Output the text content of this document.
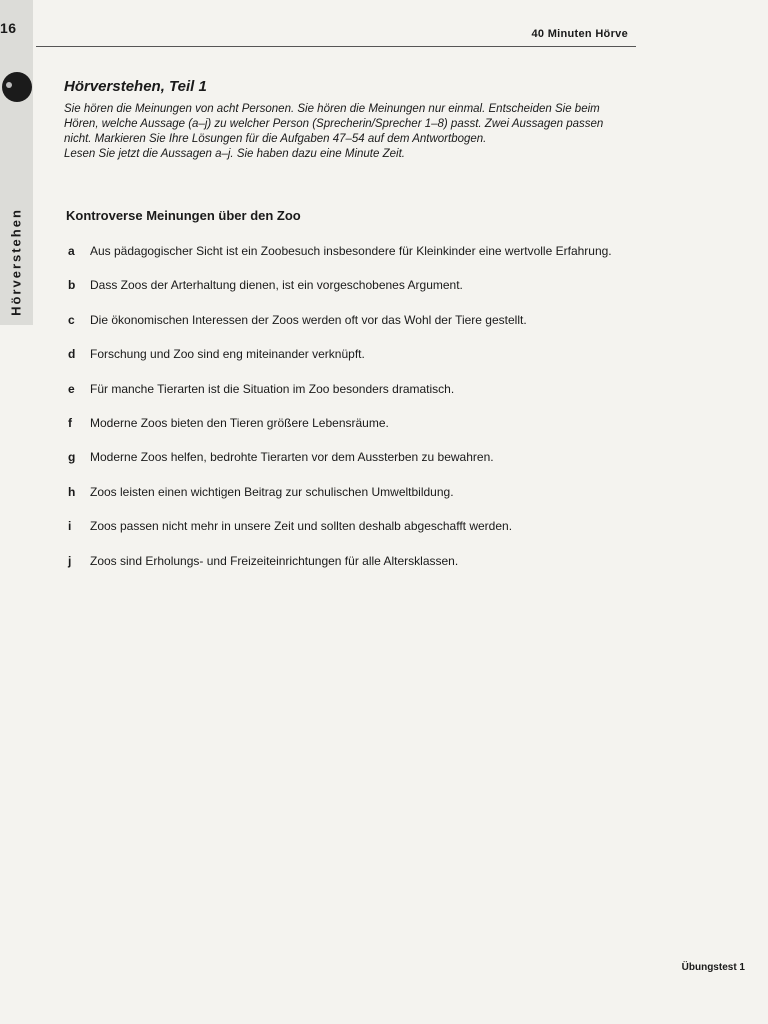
16
Hörverstehen
40 Minuten Hörve
Hörverstehen, Teil 1

Sie hören die Meinungen von acht Personen. Sie hören die Meinungen nur einmal. Entscheiden Sie beim

Hören, welche Aussage (a–j) zu welcher Person (Sprecherin/Sprecher 1–8) passt. Zwei Aussagen passen

nicht. Markieren Sie Ihre Lösungen für die Aufgaben 47–54 auf dem Antwortbogen.

Lesen Sie jetzt die Aussagen a–j. Sie haben dazu eine Minute Zeit.

Kontroverse Meinungen über den Zoo
a	Aus pädagogischer Sicht ist ein Zoobesuch insbesondere für Kleinkinder eine wertvolle Erfahrung.
b	Dass Zoos der Arterhaltung dienen, ist ein vorgeschobenes Argument.
c	Die ökonomischen Interessen der Zoos werden oft vor das Wohl der Tiere gestellt.
d	Forschung und Zoo sind eng miteinander verknüpft.
e	Für manche Tierarten ist die Situation im Zoo besonders dramatisch.
f	Moderne Zoos bieten den Tieren größere Lebensräume.
g	Moderne Zoos helfen, bedrohte Tierarten vor dem Aussterben zu bewahren.
h	Zoos leisten einen wichtigen Beitrag zur schulischen Umweltbildung.
i	Zoos passen nicht mehr in unsere Zeit und sollten deshalb abgeschafft werden.
j	Zoos sind Erholungs- und Freizeiteinrichtungen für alle Altersklassen.
Übungstest 1
